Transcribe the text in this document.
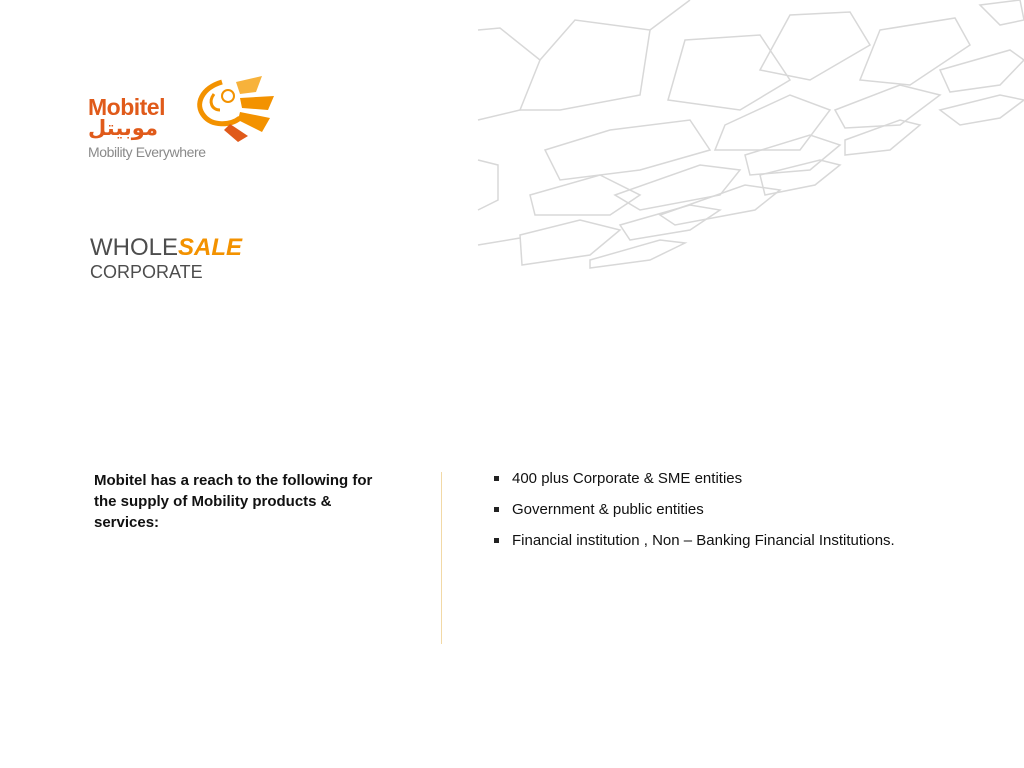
Mobitel
موبيتل
Mobility Everywhere
WHOLESALE
CORPORATE
Mobitel has a reach to the following for the supply of Mobility products & services:
400 plus Corporate & SME entities
Government & public entities
Financial institution , Non – Banking Financial Institutions.
